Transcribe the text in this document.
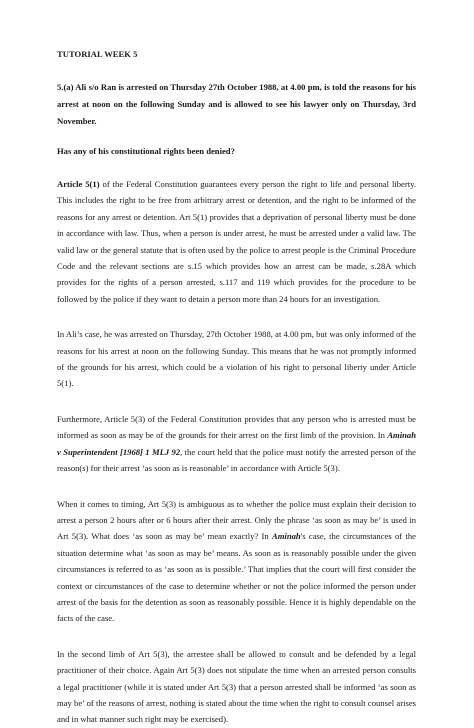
TUTORIAL WEEK 5
5.(a) Ali s/o Ran is arrested on Thursday 27th October 1988, at 4.00 pm, is told the reasons for his arrest at noon on the following Sunday and is allowed to see his lawyer only on Thursday, 3rd November.
Has any of his constitutional rights been denied?

Article 5(1) of the Federal Constitution guarantees every person the right to life and personal liberty. This includes the right to be free from arbitrary arrest or detention, and the right to be informed of the reasons for any arrest or detention. Art 5(1) provides that a deprivation of personal liberty must be done in accordance with law. Thus, when a person is under arrest, he must be arrested under a valid law. The valid law or the general statute that is often used by the police to arrest people is the Criminal Procedure Code and the relevant sections are s.15 which provides how an arrest can be made, s.28A which provides for the rights of a person arrested, s.117 and 119 which provides for the procedure to be followed by the police if they want to detain a person more than 24 hours for an investigation.

In Ali’s case, he was arrested on Thursday, 27th October 1988, at 4.00 pm, but was only informed of the reasons for his arrest at noon on the following Sunday. This means that he was not promptly informed of the grounds for his arrest, which could be a violation of his right to personal liberty under Article 5(1).

Furthermore, Article 5(3) of the Federal Constitution provides that any person who is arrested must be informed as soon as may be of the grounds for their arrest on the first limb of the provision. In Aminah v Superintendent [1968] 1 MLJ 92, the court held that the police must notify the arrested person of the reason(s) for their arrest ‘as soon as is reasonable’ in accordance with Article 5(3).

When it comes to timing, Art 5(3) is ambiguous as to whether the police must explain their decision to arrest a person 2 hours after or 6 hours after their arrest. Only the phrase ‘as soon as may be’ is used in Art 5(3). What does ‘as soon as may be’ mean exactly? In Aminah's case, the circumstances of the situation determine what ‘as soon as may be’ means. As soon as is reasonably possible under the given circumstances is referred to as ‘as soon as is possible.’ That implies that the court will first consider the context or circumstances of the case to determine whether or not the police informed the person under arrest of the basis for the detention as soon as reasonably possible. Hence it is highly dependable on the facts of the case.

In the second limb of Art 5(3), the arrestee shall be allowed to consult and be defended by a legal practitioner of their choice. Again Art 5(3) does not stipulate the time when an arrested person consults a legal practitioner (while it is stated under Art 5(3) that a person arrested shall be informed ‘as soon as may be’ of the reasons of arrest, nothing is stated about the time when the right to consult counsel arises and in what manner such right may be exercised).
